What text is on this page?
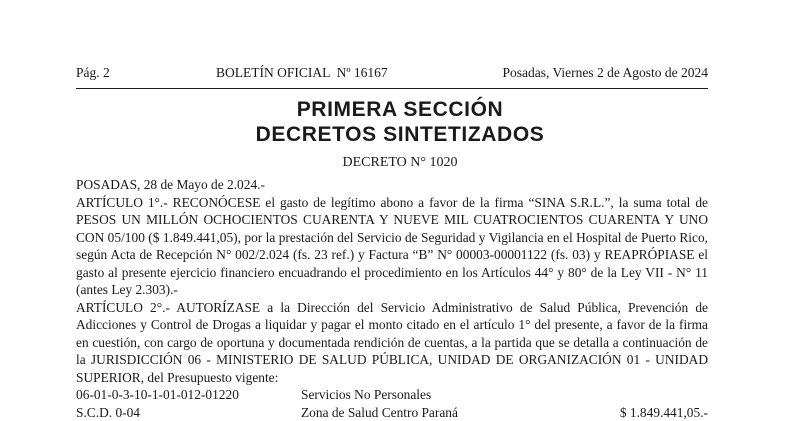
Pág. 2	BOLETÍN OFICIAL  Nº 16167	Posadas, Viernes 2 de Agosto de 2024
PRIMERA SECCIÓN
DECRETOS SINTETIZADOS
DECRETO N° 1020

POSADAS, 28 de Mayo de 2.024.-

ARTÍCULO 1°.- RECONÓCESE el gasto de legítimo abono a favor de la firma “SINA S.R.L.”, la suma total de PESOS UN MILLÓN OCHOCIENTOS CUARENTA Y NUEVE MIL CUATROCIENTOS CUARENTA Y UNO CON 05/100 ($ 1.849.441,05), por la prestación del Servicio de Seguridad y Vigilancia en el Hospital de Puerto Rico, según Acta de Recepción N° 002/2.024 (fs. 23 ref.) y Factura “B” N° 00003-00001122 (fs. 03) y REAPRÓPIASE el gasto al presente ejercicio financiero encuadrando el procedimiento en los Artículos 44° y 80° de la Ley VII - N° 11 (antes Ley 2.303).-

ARTÍCULO 2°.- AUTORÍZASE a la Dirección del Servicio Administrativo de Salud Pública, Prevención de Adicciones y Control de Drogas a liquidar y pagar el monto citado en el artículo 1° del presente, a favor de la firma en cuestión, con cargo de oportuna y documentada rendición de cuentas, a la partida que se detalla a continuación de la JURISDICCIÓN 06 - MINISTERIO DE SALUD PÚBLICA, UNIDAD DE ORGANIZACIÓN 01 - UNIDAD SUPERIOR, del Presupuesto vigente:

06-01-0-3-10-1-01-012-01220	Servicios No Personales
S.C.D. 0-04	Zona de Salud Centro Paraná	$ 1.849.441,05.-
